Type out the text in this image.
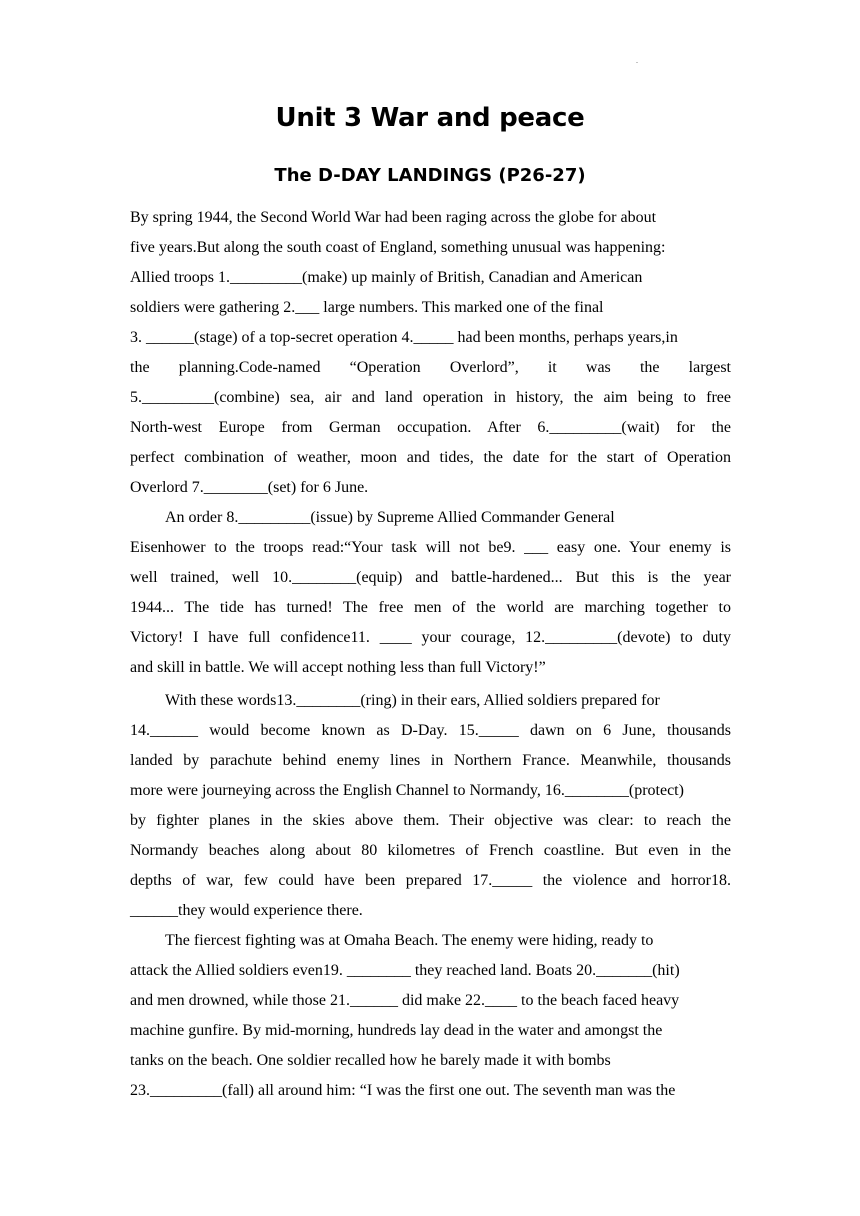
.
Unit 3 War and peace
The D-DAY LANDINGS (P26-27)
By spring 1944, the Second World War had been raging across the globe for about
five years.But along the south coast of England, something unusual was happening:
Allied troops 1._________(make) up mainly of British, Canadian and American
soldiers were gathering 2.___ large numbers. This marked one of the final
3. ______(stage) of a top-secret operation 4._____ had been months, perhaps years,in
the planning.Code-named “Operation Overlord”, it was the largest
5._________(combine) sea, air and land operation in history, the aim being to free
North-west Europe from German occupation. After 6._________(wait) for the
perfect combination of weather, moon and tides, the date for the start of Operation
Overlord 7.________(set) for 6 June.
An order 8._________(issue) by Supreme Allied Commander General
Eisenhower to the troops read:“Your task will not be9. ___ easy one. Your enemy is
well trained, well 10.________(equip) and battle-hardened... But this is the year
1944... The tide has turned! The free men of the world are marching together to
Victory! I have full confidence11. ____ your courage, 12._________(devote) to duty
and skill in battle. We will accept nothing less than full Victory!”
With these words13.________(ring) in their ears, Allied soldiers prepared for
14.______ would become known as D-Day. 15._____ dawn on 6 June, thousands
landed by parachute behind enemy lines in Northern France. Meanwhile, thousands
more were journeying across the English Channel to Normandy, 16.________(protect)
by fighter planes in the skies above them. Their objective was clear: to reach the
Normandy beaches along about 80 kilometres of French coastline. But even in the
depths of war, few could have been prepared 17._____ the violence and horror18.
______they would experience there.
The fiercest fighting was at Omaha Beach. The enemy were hiding, ready to
attack the Allied soldiers even19. ________ they reached land. Boats 20._______(hit)
and men drowned, while those 21.______ did make 22.____ to the beach faced heavy
machine gunfire. By mid-morning, hundreds lay dead in the water and amongst the
tanks on the beach. One soldier recalled how he barely made it with bombs
23._________(fall) all around him: “I was the first one out. The seventh man was the
